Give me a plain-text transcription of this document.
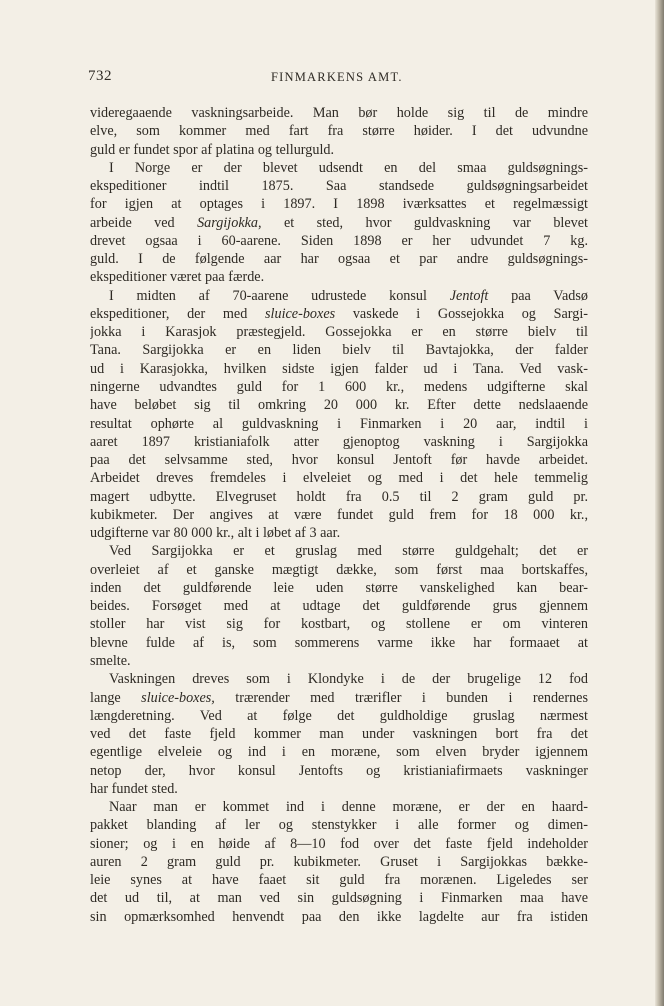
732	FINMARKENS AMT.
videregaaende vaskningsarbeide. Man bør holde sig til de mindre
elve, som kommer med fart fra større høider. I det udvundne
guld er fundet spor af platina og tellurguld.
I Norge er der blevet udsendt en del smaa guldsøgnings-
ekspeditioner indtil 1875. Saa standsede guldsøgningsarbeidet
for igjen at optages i 1897. I 1898 iværksattes et regelmæssigt
arbeide ved Sargijokka, et sted, hvor guldvaskning var blevet
drevet ogsaa i 60-aarene. Siden 1898 er her udvundet 7 kg.
guld. I de følgende aar har ogsaa et par andre guldsøgnings-
ekspeditioner været paa færde.
I midten af 70-aarene udrustede konsul Jentoft paa Vadsø
ekspeditioner, der med sluice-boxes vaskede i Gossejokka og Sargi-
jokka i Karasjok præstegjeld. Gossejokka er en større bielv til
Tana. Sargijokka er en liden bielv til Bavtajokka, der falder
ud i Karasjokka, hvilken sidste igjen falder ud i Tana. Ved vask-
ningerne udvandtes guld for 1 600 kr., medens udgifterne skal
have beløbet sig til omkring 20 000 kr. Efter dette nedslaaende
resultat ophørte al guldvaskning i Finmarken i 20 aar, indtil i
aaret 1897 kristianiafolk atter gjenoptog vaskning i Sargijokka
paa det selvsamme sted, hvor konsul Jentoft før havde arbeidet.
Arbeidet dreves fremdeles i elveleiet og med i det hele temmelig
magert udbytte. Elvegruset holdt fra 0.5 til 2 gram guld pr.
kubikmeter. Der angives at være fundet guld frem for 18 000 kr.,
udgifterne var 80 000 kr., alt i løbet af 3 aar.
Ved Sargijokka er et gruslag med større guldgehalt; det er
overleiet af et ganske mægtigt dække, som først maa bortskaffes,
inden det guldførende leie uden større vanskelighed kan bear-
beides. Forsøget med at udtage det guldførende grus gjennem
stoller har vist sig for kostbart, og stollene er om vinteren
blevne fulde af is, som sommerens varme ikke har formaaet at
smelte.
Vaskningen dreves som i Klondyke i de der brugelige 12 fod
lange sluice-boxes, trærender med trærifler i bunden i rendernes
længderetning. Ved at følge det guldholdige gruslag nærmest
ved det faste fjeld kommer man under vaskningen bort fra det
egentlige elveleie og ind i en moræne, som elven bryder igjennem
netop der, hvor konsul Jentofts og kristianiafirmaets vaskninger
har fundet sted.
Naar man er kommet ind i denne moræne, er der en haard-
pakket blanding af ler og stenstykker i alle former og dimen-
sioner; og i en høide af 8—10 fod over det faste fjeld indeholder
auren 2 gram guld pr. kubikmeter. Gruset i Sargijokkas bække-
leie synes at have faaet sit guld fra morænen. Ligeledes ser
det ud til, at man ved sin guldsøgning i Finmarken maa have
sin opmærksomhed henvendt paa den ikke lagdelte aur fra istiden
